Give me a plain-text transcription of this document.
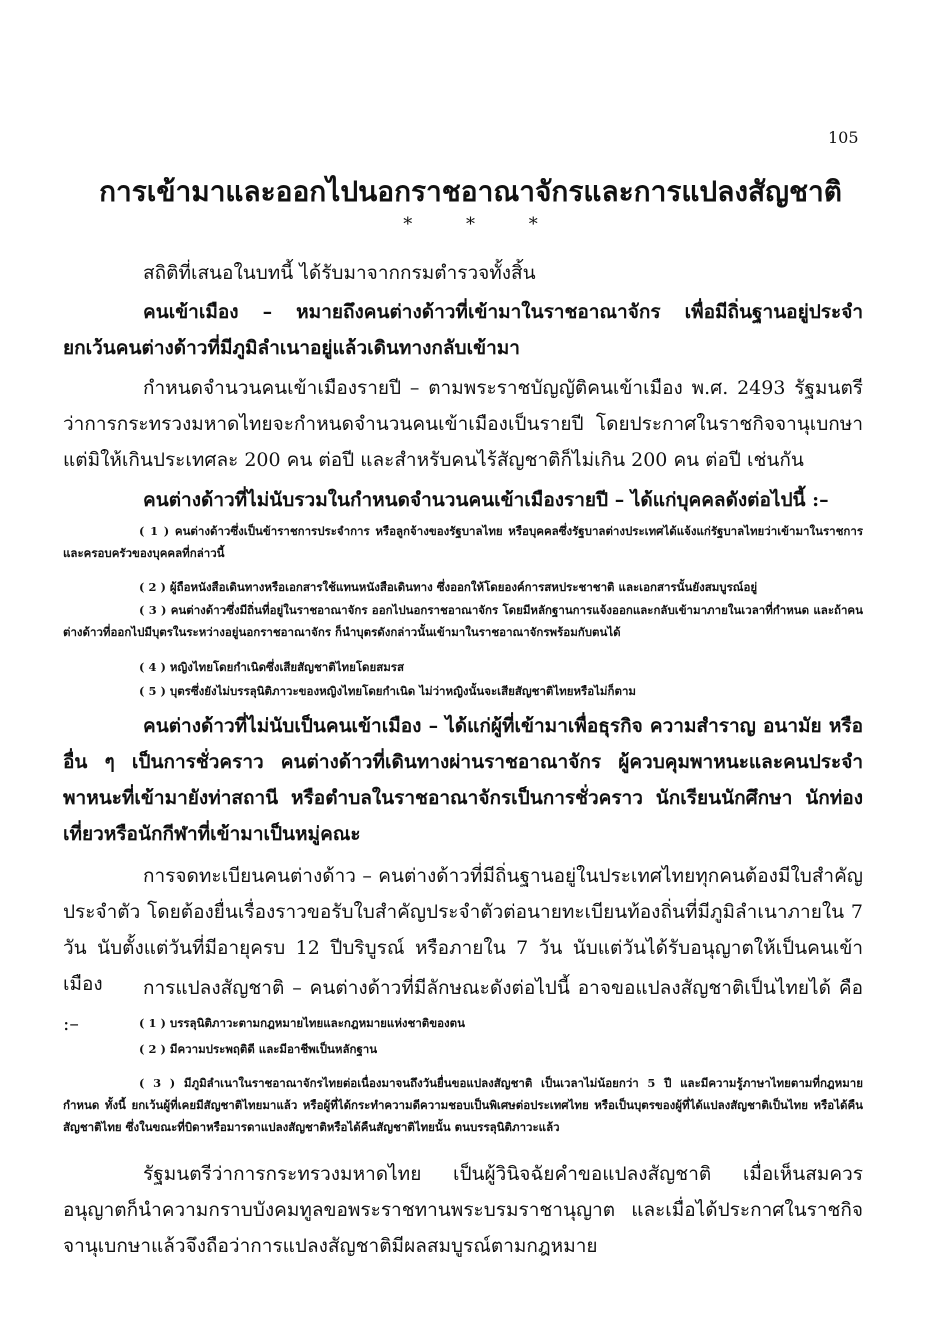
105
การเข้ามาและออกไปนอกราชอาณาจักรและการแปลงสัญชาติ
* * *
สถิติที่เสนอในบทนี้ ได้รับมาจากกรมตำรวจทั้งสิ้น
คนเข้าเมือง – หมายถึงคนต่างด้าวที่เข้ามาในราชอาณาจักร เพื่อมีถิ่นฐานอยู่ประจำ ยกเว้นคนต่างด้าวที่มีภูมิลำเนาอยู่แล้วเดินทางกลับเข้ามา
กำหนดจำนวนคนเข้าเมืองรายปี – ตามพระราชบัญญัติคนเข้าเมือง พ.ศ. 2493 รัฐมนตรีว่าการกระทรวงมหาดไทยจะกำหนดจำนวนคนเข้าเมืองเป็นรายปี โดยประกาศในราชกิจจานุเบกษา แต่มิให้เกินประเทศละ 200 คน ต่อปี และสำหรับคนไร้สัญชาติก็ไม่เกิน 200 คน ต่อปี เช่นกัน
คนต่างด้าวที่ไม่นับรวมในกำหนดจำนวนคนเข้าเมืองรายปี – ได้แก่บุคคลดังต่อไปนี้ :–
( 1 ) คนต่างด้าวซึ่งเป็นข้าราชการประจำการ หรือลูกจ้างของรัฐบาลไทย หรือบุคคลซึ่งรัฐบาลต่างประเทศได้แจ้งแก่รัฐบาลไทยว่าเข้ามาในราชการ และครอบครัวของบุคคลที่กล่าวนี้
( 2 ) ผู้ถือหนังสือเดินทางหรือเอกสารใช้แทนหนังสือเดินทาง ซึ่งออกให้โดยองค์การสหประชาชาติ และเอกสารนั้นยังสมบูรณ์อยู่
( 3 ) คนต่างด้าวซึ่งมีถิ่นที่อยู่ในราชอาณาจักร ออกไปนอกราชอาณาจักร โดยมีหลักฐานการแจ้งออกและกลับเข้ามาภายในเวลาที่กำหนด และถ้าคนต่างด้าวที่ออกไปมีบุตรในระหว่างอยู่นอกราชอาณาจักร ก็นำบุตรดังกล่าวนั้นเข้ามาในราชอาณาจักรพร้อมกับตนได้
( 4 ) หญิงไทยโดยกำเนิดซึ่งเสียสัญชาติไทยโดยสมรส
( 5 ) บุตรซึ่งยังไม่บรรลุนิติภาวะของหญิงไทยโดยกำเนิด ไม่ว่าหญิงนั้นจะเสียสัญชาติไทยหรือไม่ก็ตาม
คนต่างด้าวที่ไม่นับเป็นคนเข้าเมือง – ได้แก่ผู้ที่เข้ามาเพื่อธุรกิจ ความสำราญ อนามัย หรืออื่น ๆ เป็นการชั่วคราว คนต่างด้าวที่เดินทางผ่านราชอาณาจักร ผู้ควบคุมพาหนะและคนประจำพาหนะที่เข้ามายังท่าสถานี หรือตำบลในราชอาณาจักรเป็นการชั่วคราว นักเรียนนักศึกษา นักท่องเที่ยวหรือนักกีฬาที่เข้ามาเป็นหมู่คณะ
การจดทะเบียนคนต่างด้าว – คนต่างด้าวที่มีถิ่นฐานอยู่ในประเทศไทยทุกคนต้องมีใบสำคัญประจำตัว โดยต้องยื่นเรื่องราวขอรับใบสำคัญประจำตัวต่อนายทะเบียนท้องถิ่นที่มีภูมิลำเนาภายใน 7 วัน นับตั้งแต่วันที่มีอายุครบ 12 ปีบริบูรณ์ หรือภายใน 7 วัน นับแต่วันได้รับอนุญาตให้เป็นคนเข้าเมือง	การแปลงสัญชาติ – คนต่างด้าวที่มีลักษณะดังต่อไปนี้ อาจขอแปลงสัญชาติเป็นไทยได้ คือ :–	( 1 ) บรรลุนิติภาวะตามกฎหมายไทยและกฎหมายแห่งชาติของตน
( 2 ) มีความประพฤติดี และมีอาชีพเป็นหลักฐาน
( 3 ) มีภูมิลำเนาในราชอาณาจักรไทยต่อเนื่องมาจนถึงวันยื่นขอแปลงสัญชาติ เป็นเวลาไม่น้อยกว่า 5 ปี และมีความรู้ภาษาไทยตามที่กฎหมายกำหนด ทั้งนี้ ยกเว้นผู้ที่เคยมีสัญชาติไทยมาแล้ว หรือผู้ที่ได้กระทำความดีความชอบเป็นพิเศษต่อประเทศไทย หรือเป็นบุตรของผู้ที่ได้แปลงสัญชาติเป็นไทย หรือได้คืนสัญชาติไทย ซึ่งในขณะที่บิดาหรือมารดาแปลงสัญชาติหรือได้คืนสัญชาติไทยนั้น ตนบรรลุนิติภาวะแล้ว
รัฐมนตรีว่าการกระทรวงมหาดไทย เป็นผู้วินิจฉัยคำขอแปลงสัญชาติ เมื่อเห็นสมควรอนุญาตก็นำความกราบบังคมทูลขอพระราชทานพระบรมราชานุญาต และเมื่อได้ประกาศในราชกิจจานุเบกษาแล้วจึงถือว่าการแปลงสัญชาติมีผลสมบูรณ์ตามกฎหมาย
